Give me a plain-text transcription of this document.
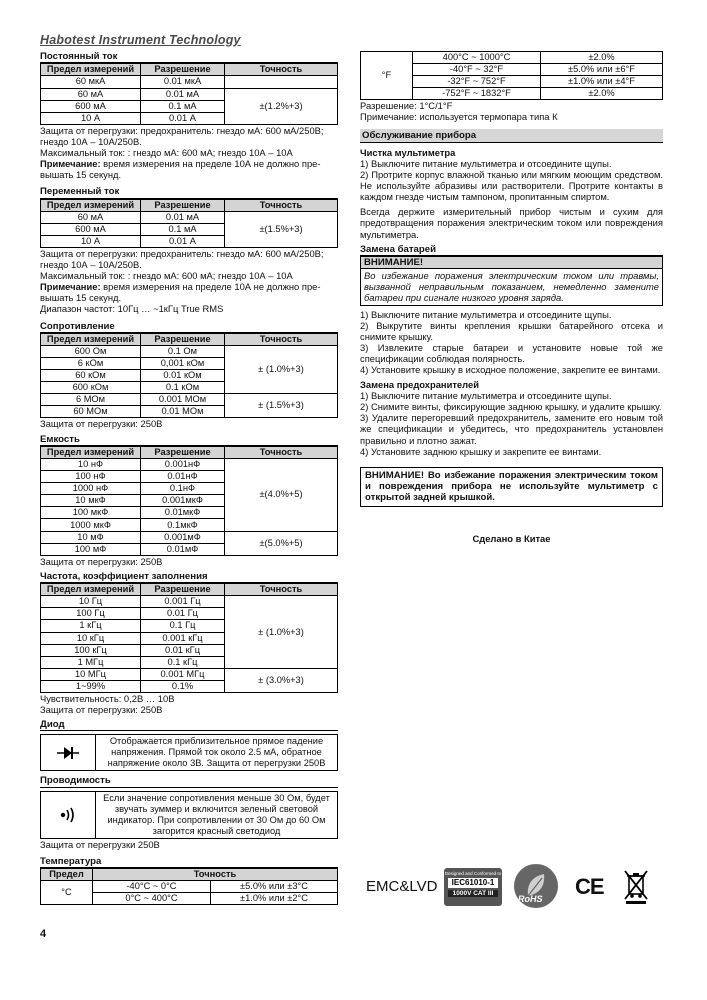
Habotest Instrument Technology
Постоянный ток
Предел измерений	Разрешение	Точность
60 мкА	0.01 мкА	
60 мА	0.01 мА	±(1.2%+3)
600 мА	0.1 мА	
10 А	0.01 А	

Защита от перегрузки: предохранитель: гнездо мА: 600 мА/250В;

гнездо 10А – 10А/250В.

Максимальный ток: : гнездо мА: 600 мА; гнездо 10А – 10А

Примечание: время измерения на пределе 10А не должно пре-

вышать 15 секунд.

Переменный ток
Предел измерений	Разрешение	Точность
60 мА	0.01 мА	±(1.5%+3)
600 мА	0.1 мА	
10 А	0.01 А	

Защита от перегрузки: предохранитель: гнездо мА: 600 мА/250В;

гнездо 10А – 10А/250В.

Максимальный ток: : гнездо мА: 600 мА; гнездо 10А – 10А

Примечание: время измерения на пределе 10А не должно пре-

вышать 15 секунд.

Диапазон частот: 10Гц … ~1кГц True RMS

Сопротивление
Предел измерений	Разрешение	Точность
600 Ом	0.1 Ом	± (1.0%+3)
6 кОм	0,001 кОм	
60 кОм	0.01 кОм	
600 кОм	0.1 кОм	
6 МОм	0.001 МОм	± (1.5%+3)
60 МОм	0.01 МОм	

Защита от перегрузки: 250В

Емкость
Предел измерений	Разрешение	Точность
10 нФ	0.001нФ	±(4.0%+5)
100 нФ	0.01нФ	
1000 нФ	0.1нФ	
10 мкФ	0.001мкФ	
100 мкФ	0.01мкФ	
1000 мкФ	0.1мкФ	
10 мФ	0.001мФ	±(5.0%+5)
100 мФ	0.01мФ	

Защита от перегрузки: 250В

Частота, коэффициент заполнения
Предел измерений	Разрешение	Точность
10 Гц	0.001 Гц	± (1.0%+3)
100 Гц	0.01 Гц	
1 кГц	0.1 Гц	
10 кГц	0.001 кГц	
100 кГц	0.01 кГц	
1 МГц	0.1 кГц	
10 МГц	0.001 МГц	± (3.0%+3)
1~99%	0.1%	

Чувствительность: 0,2В … 10В

Защита от перегрузки: 250В

Диод
Отображается приблизительное прямое падение напряжения. Прямой ток около 2.5 мА, обратное напряжение около 3В. Защита от перегрузки 250В
Проводимость
Если значение сопротивления меньше 30 Ом, будет звучать зуммер и включится зеленый световой индикатор. При сопротивлении от 30 Ом до 60 Ом загорится красный светодиод

Защита от перегрузки 250В

Температура
Предел	Точность	
°C	-40°C ~ 0°C	±5.0% или ±3°C
	0°C ~ 400°C	±1.0% или ±2°C
°F	400°C ~ 1000°C	±2.0%
	-40°F ~ 32°F	±5.0% или ±6°F
	-32°F ~ 752°F	±1.0% или ±4°F
	-752°F ~ 1832°F	±2.0%

Разрешение: 1°C/1°F

Примечание: используется термопара типа К

Обслуживание прибора

Чистка мультиметра

1) Выключите питание мультиметра и отсоедините щупы.

2) Протрите корпус влажной тканью или мягким моющим средством. Не используйте абразивы или растворители. Протрите контакты в каждом гнезде чистым тампоном, пропитанным спиртом.

Всегда держите измерительный прибор чистым и сухим для предотвращения поражения электрическим током или повреждения мультиметра.

Замена батарей
ВНИМАНИЕ!
Во избежание поражения электрическим током или травмы, вызванной неправильным показанием, немедленно замените батареи при сигнале низкого уровня заряда.

1) Выключите питание мультиметра и отсоедините щупы.

2) Выкрутите винты крепления крышки батарейного отсека и снимите крышку.

3) Извлеките старые батареи и установите новые той же спецификации соблюдая полярность.

4) Установите крышку в исходное положение, закрепите ее винтами.

Замена предохранителей

1) Выключите питание мультиметра и отсоедините щупы.

2) Снимите винты, фиксирующие заднюю крышку, и удалите крышку.

3) Удалите перегоревший предохранитель, замените его новым той же спецификации и убедитесь, что предохранитель установлен правильно и плотно зажат.

4) Установите заднюю крышку и закрепите ее винтами.

ВНИМАНИЕ! Во избежание поражения электрическим током и повреждения прибора не используйте мультиметр с открытой задней крышкой.

Сделано в Китае

EMC&LVD
Designed and Conformed to
IEC61010-1
1000V CAT III
RoHS CE
4
